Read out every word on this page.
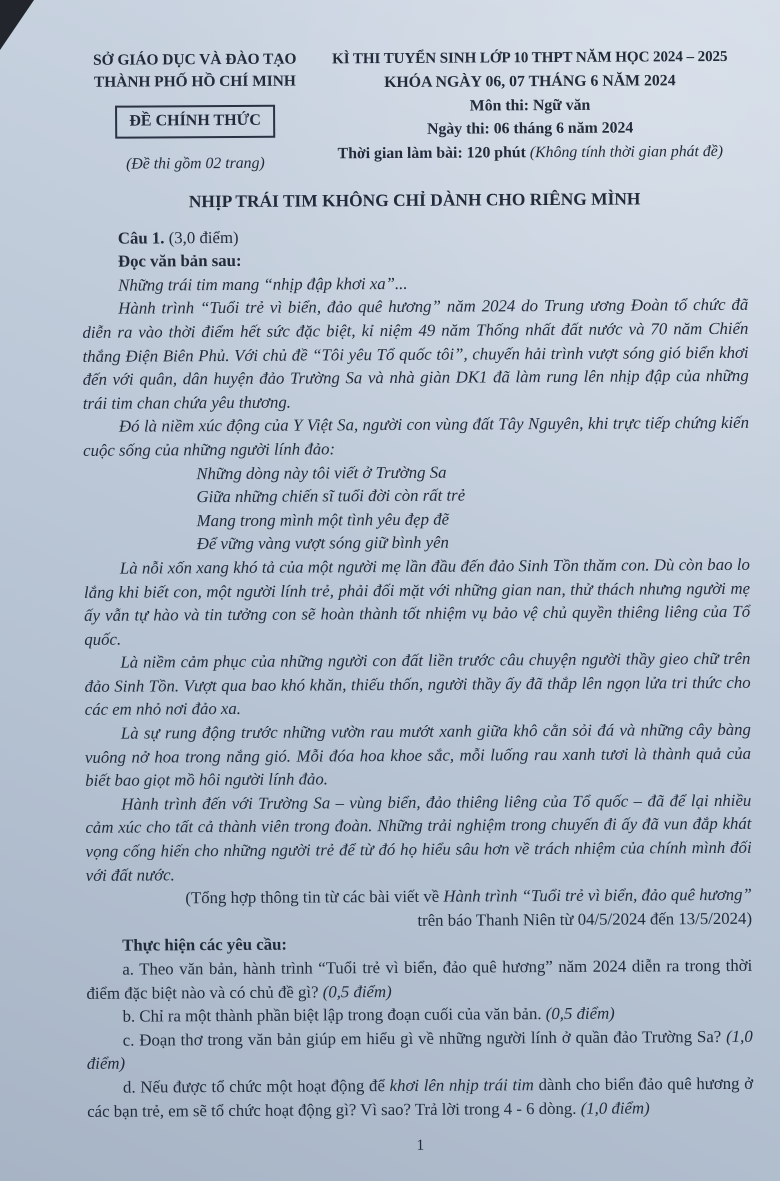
SỞ GIÁO DỤC VÀ ĐÀO TẠO
THÀNH PHỐ HỒ CHÍ MINH
ĐỀ CHÍNH THỨC
(Đề thi gồm 02 trang)
KÌ THI TUYỂN SINH LỚP 10 THPT NĂM HỌC 2024 – 2025
KHÓA NGÀY 06, 07 THÁNG 6 NĂM 2024
Môn thi: Ngữ văn
Ngày thi: 06 tháng 6 năm 2024
Thời gian làm bài: 120 phút (Không tính thời gian phát đề)
NHỊP TRÁI TIM KHÔNG CHỈ DÀNH CHO RIÊNG MÌNH

Câu 1. (3,0 điểm)

Đọc văn bản sau:

Những trái tim mang “nhịp đập khơi xa”...

Hành trình “Tuổi trẻ vì biển, đảo quê hương” năm 2024 do Trung ương Đoàn tổ chức đã diễn ra vào thời điểm hết sức đặc biệt, kỉ niệm 49 năm Thống nhất đất nước và 70 năm Chiến thắng Điện Biên Phủ. Với chủ đề “Tôi yêu Tổ quốc tôi”, chuyến hải trình vượt sóng gió biển khơi đến với quân, dân huyện đảo Trường Sa và nhà giàn DK1 đã làm rung lên nhịp đập của những trái tim chan chứa yêu thương.

Đó là niềm xúc động của Y Việt Sa, người con vùng đất Tây Nguyên, khi trực tiếp chứng kiến cuộc sống của những người lính đảo:

Những dòng này tôi viết ở Trường Sa

Giữa những chiến sĩ tuổi đời còn rất trẻ

Mang trong mình một tình yêu đẹp đẽ

Để vững vàng vượt sóng giữ bình yên

Là nỗi xốn xang khó tả của một người mẹ lần đầu đến đảo Sinh Tồn thăm con. Dù còn bao lo lắng khi biết con, một người lính trẻ, phải đối mặt với những gian nan, thử thách nhưng người mẹ ấy vẫn tự hào và tin tưởng con sẽ hoàn thành tốt nhiệm vụ bảo vệ chủ quyền thiêng liêng của Tổ quốc.

Là niềm cảm phục của những người con đất liền trước câu chuyện người thầy gieo chữ trên đảo Sinh Tồn. Vượt qua bao khó khăn, thiếu thốn, người thầy ấy đã thắp lên ngọn lửa tri thức cho các em nhỏ nơi đảo xa.

Là sự rung động trước những vườn rau mướt xanh giữa khô cằn sỏi đá và những cây bàng vuông nở hoa trong nắng gió. Mỗi đóa hoa khoe sắc, mỗi luống rau xanh tươi là thành quả của biết bao giọt mồ hôi người lính đảo.

Hành trình đến với Trường Sa – vùng biển, đảo thiêng liêng của Tổ quốc – đã để lại nhiều cảm xúc cho tất cả thành viên trong đoàn. Những trải nghiệm trong chuyến đi ấy đã vun đắp khát vọng cống hiến cho những người trẻ để từ đó họ hiểu sâu hơn về trách nhiệm của chính mình đối với đất nước.

(Tổng hợp thông tin từ các bài viết về Hành trình “Tuổi trẻ vì biển, đảo quê hương”

trên báo Thanh Niên từ 04/5/2024 đến 13/5/2024)

Thực hiện các yêu cầu:

a. Theo văn bản, hành trình “Tuổi trẻ vì biển, đảo quê hương” năm 2024 diễn ra trong thời điểm đặc biệt nào và có chủ đề gì? (0,5 điểm)

b. Chỉ ra một thành phần biệt lập trong đoạn cuối của văn bản. (0,5 điểm)

c. Đoạn thơ trong văn bản giúp em hiểu gì về những người lính ở quần đảo Trường Sa? (1,0 điểm)

d. Nếu được tổ chức một hoạt động để khơi lên nhịp trái tim dành cho biển đảo quê hương ở các bạn trẻ, em sẽ tổ chức hoạt động gì? Vì sao? Trả lời trong 4 - 6 dòng. (1,0 điểm)

1
